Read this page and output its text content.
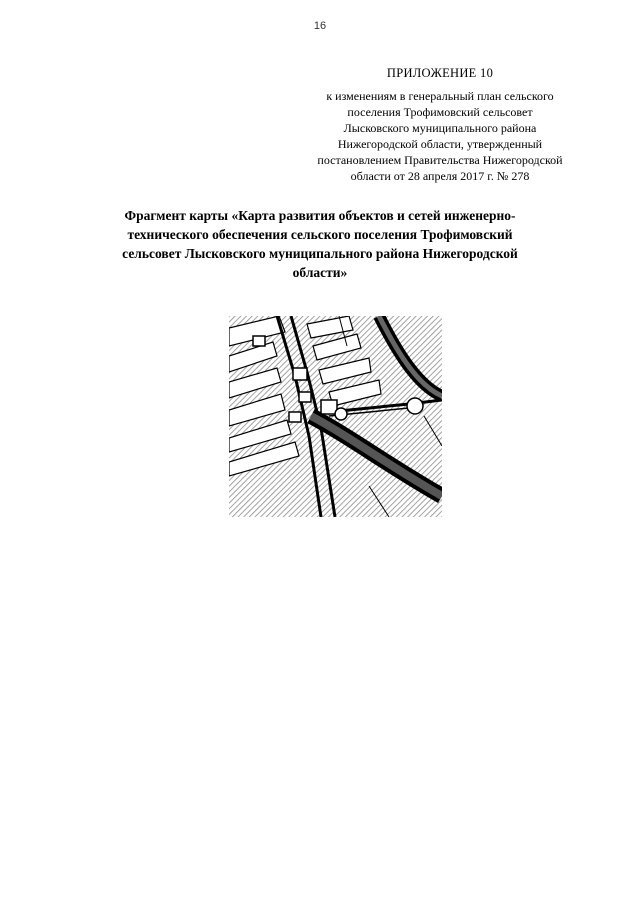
16
ПРИЛОЖЕНИЕ 10
к изменениям в генеральный план сельского
поселения Трофимовский сельсовет
Лысковского муниципального района
Нижегородской области, утвержденный
постановлением Правительства Нижегородской
области от 28 апреля 2017 г. № 278
Фрагмент карты «Карта развития объектов и сетей инженерно-
технического обеспечения сельского поселения Трофимовский
сельсовет Лысковского муниципального района Нижегородской
области»
